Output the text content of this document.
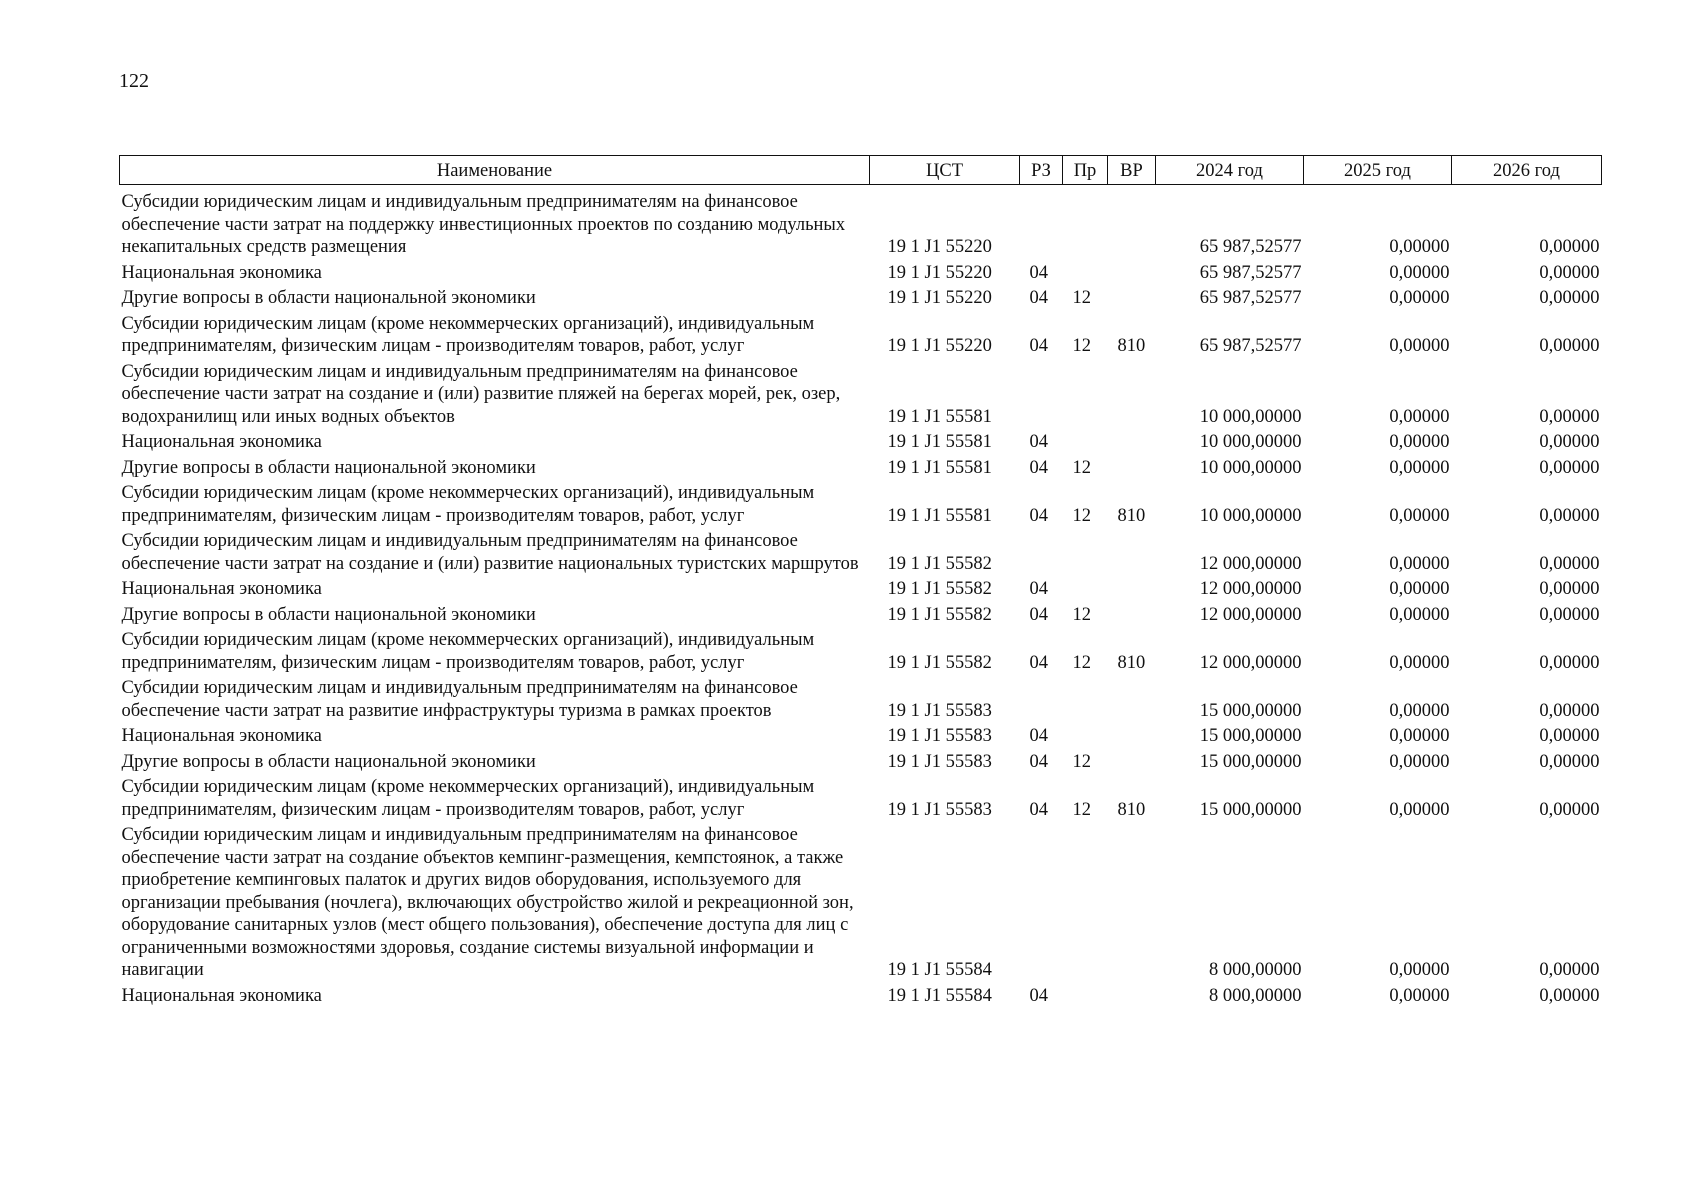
122
Наименование	ЦСТ	РЗ	Пр	ВР	2024 год	2025 год	2026 год
Субсидии юридическим лицам и индивидуальным предпринимателям на финансовое обеспечение части затрат на поддержку инвестиционных проектов по созданию модульных некапитальных средств размещения	19 1 J1 55220				65 987,52577	0,00000	0,00000
Национальная экономика	19 1 J1 55220	04			65 987,52577	0,00000	0,00000
Другие вопросы в области национальной экономики	19 1 J1 55220	04	12		65 987,52577	0,00000	0,00000
Субсидии юридическим лицам (кроме некоммерческих организаций), индивидуальным предпринимателям, физическим лицам - производителям товаров, работ, услуг	19 1 J1 55220	04	12	810	65 987,52577	0,00000	0,00000
Субсидии юридическим лицам и индивидуальным предпринимателям на финансовое обеспечение части затрат на создание и (или) развитие пляжей на берегах морей, рек, озер, водохранилищ или иных водных объектов	19 1 J1 55581				10 000,00000	0,00000	0,00000
Национальная экономика	19 1 J1 55581	04			10 000,00000	0,00000	0,00000
Другие вопросы в области национальной экономики	19 1 J1 55581	04	12		10 000,00000	0,00000	0,00000
Субсидии юридическим лицам (кроме некоммерческих организаций), индивидуальным предпринимателям, физическим лицам - производителям товаров, работ, услуг	19 1 J1 55581	04	12	810	10 000,00000	0,00000	0,00000
Субсидии юридическим лицам и индивидуальным предпринимателям на финансовое обеспечение части затрат на создание и (или) развитие национальных туристских маршрутов	19 1 J1 55582				12 000,00000	0,00000	0,00000
Национальная экономика	19 1 J1 55582	04			12 000,00000	0,00000	0,00000
Другие вопросы в области национальной экономики	19 1 J1 55582	04	12		12 000,00000	0,00000	0,00000
Субсидии юридическим лицам (кроме некоммерческих организаций), индивидуальным предпринимателям, физическим лицам - производителям товаров, работ, услуг	19 1 J1 55582	04	12	810	12 000,00000	0,00000	0,00000
Субсидии юридическим лицам и индивидуальным предпринимателям на финансовое обеспечение части затрат на развитие инфраструктуры туризма в рамках проектов	19 1 J1 55583				15 000,00000	0,00000	0,00000
Национальная экономика	19 1 J1 55583	04			15 000,00000	0,00000	0,00000
Другие вопросы в области национальной экономики	19 1 J1 55583	04	12		15 000,00000	0,00000	0,00000
Субсидии юридическим лицам (кроме некоммерческих организаций), индивидуальным предпринимателям, физическим лицам - производителям товаров, работ, услуг	19 1 J1 55583	04	12	810	15 000,00000	0,00000	0,00000
Субсидии юридическим лицам и индивидуальным предпринимателям на финансовое обеспечение части затрат на создание объектов кемпинг-размещения, кемпстоянок, а также приобретение кемпинговых палаток и других видов оборудования, используемого для организации пребывания (ночлега), включающих обустройство жилой и рекреационной зон, оборудование санитарных узлов (мест общего пользования), обеспечение доступа для лиц с ограниченными возможностями здоровья, создание системы визуальной информации и навигации	19 1 J1 55584				8 000,00000	0,00000	0,00000
Национальная экономика	19 1 J1 55584	04			8 000,00000	0,00000	0,00000
